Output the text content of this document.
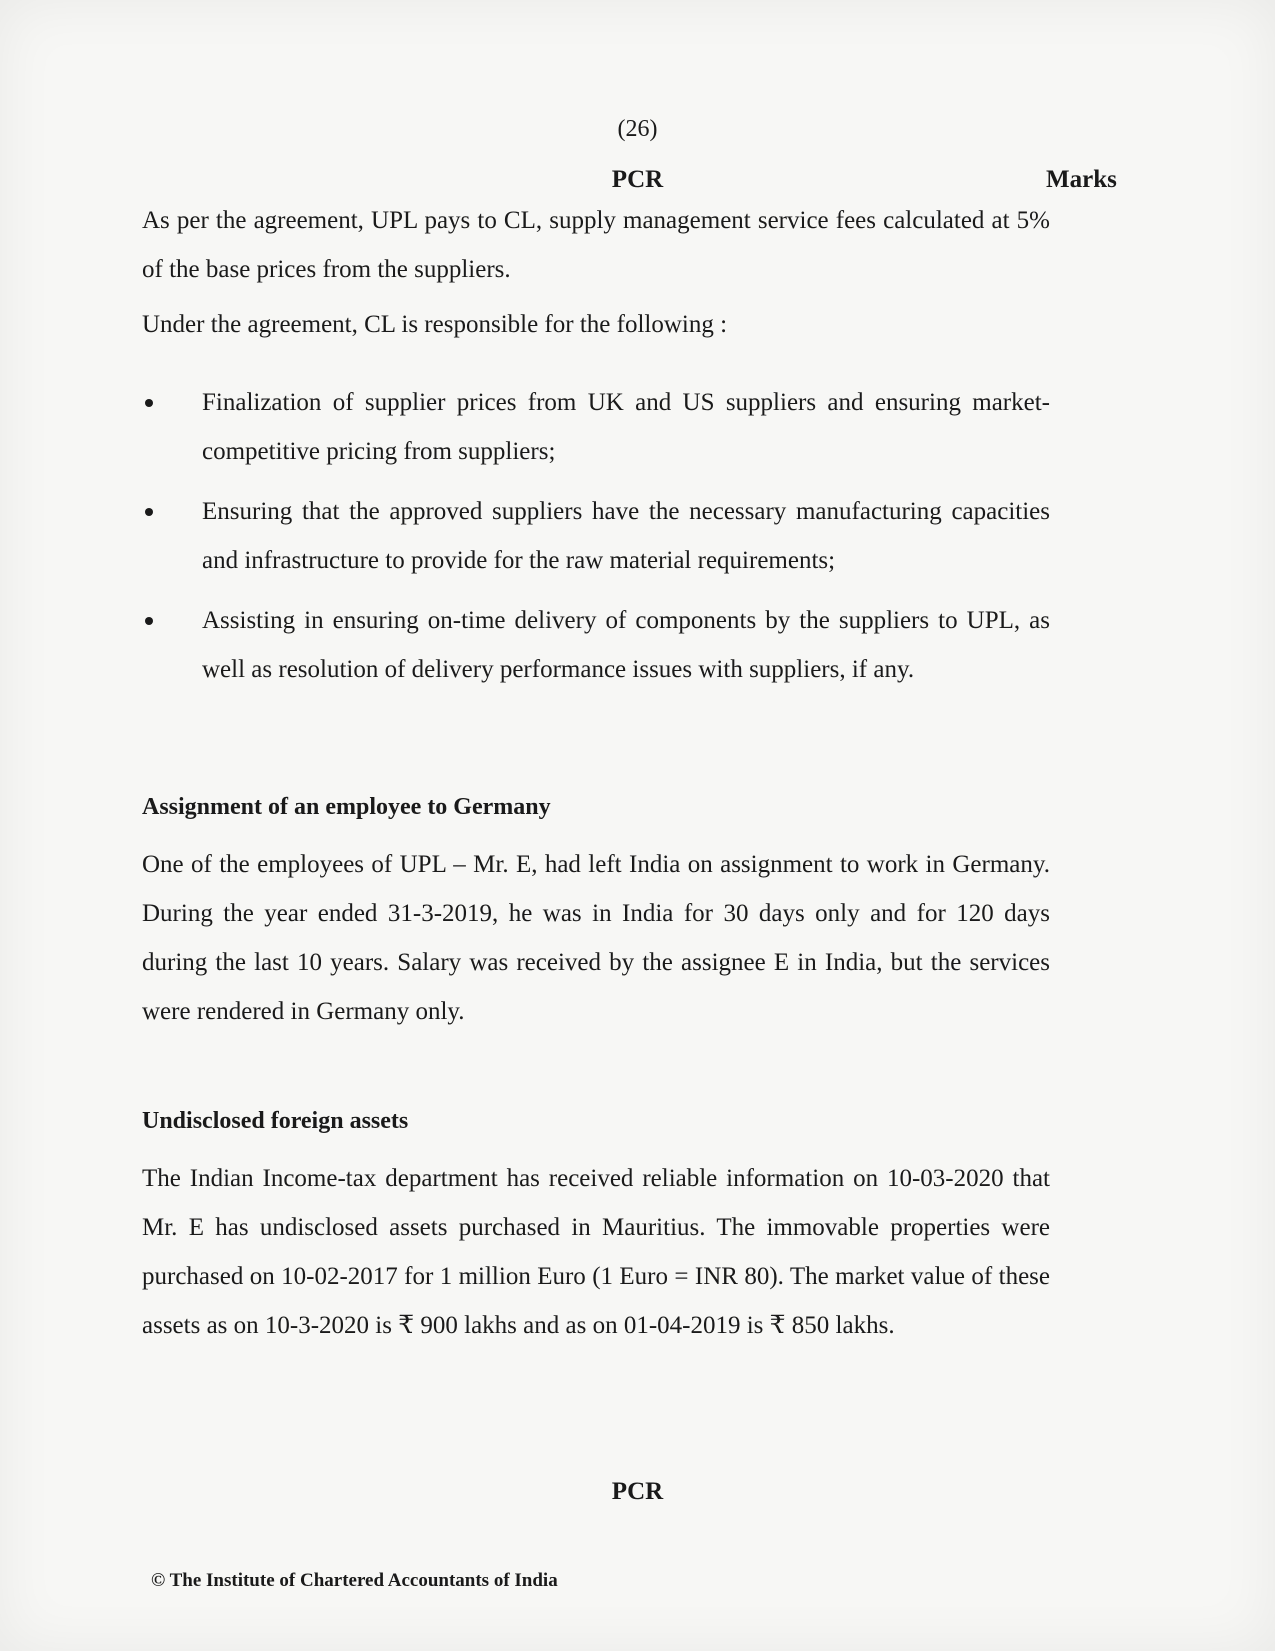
(26)

PCR	Marks

As per the agreement, UPL pays to CL, supply management service fees calculated at 5% of the base prices from the suppliers.

Under the agreement, CL is responsible for the following :

Finalization of supplier prices from UK and US suppliers and ensuring market- competitive pricing from suppliers;
Ensuring that the approved suppliers have the necessary manufacturing capacities and infrastructure to provide for the raw material requirements;
Assisting in ensuring on-time delivery of components by the suppliers to UPL, as well as resolution of delivery performance issues with suppliers, if any.

Assignment of an employee to Germany

One of the employees of UPL – Mr. E, had left India on assignment to work in Germany. During the year ended 31-3-2019, he was in India for 30 days only and for 120 days during the last 10 years. Salary was received by the assignee E in India, but the services were rendered in Germany only.

Undisclosed foreign assets

The Indian Income-tax department has received reliable information on 10-03-2020 that Mr. E has undisclosed assets purchased in Mauritius. The immovable properties were purchased on 10-02-2017 for 1 million Euro (1 Euro = INR 80). The market value of these assets as on 10-3-2020 is ₹ 900 lakhs and as on 01-04-2019 is ₹ 850 lakhs.

PCR

© The Institute of Chartered Accountants of India
